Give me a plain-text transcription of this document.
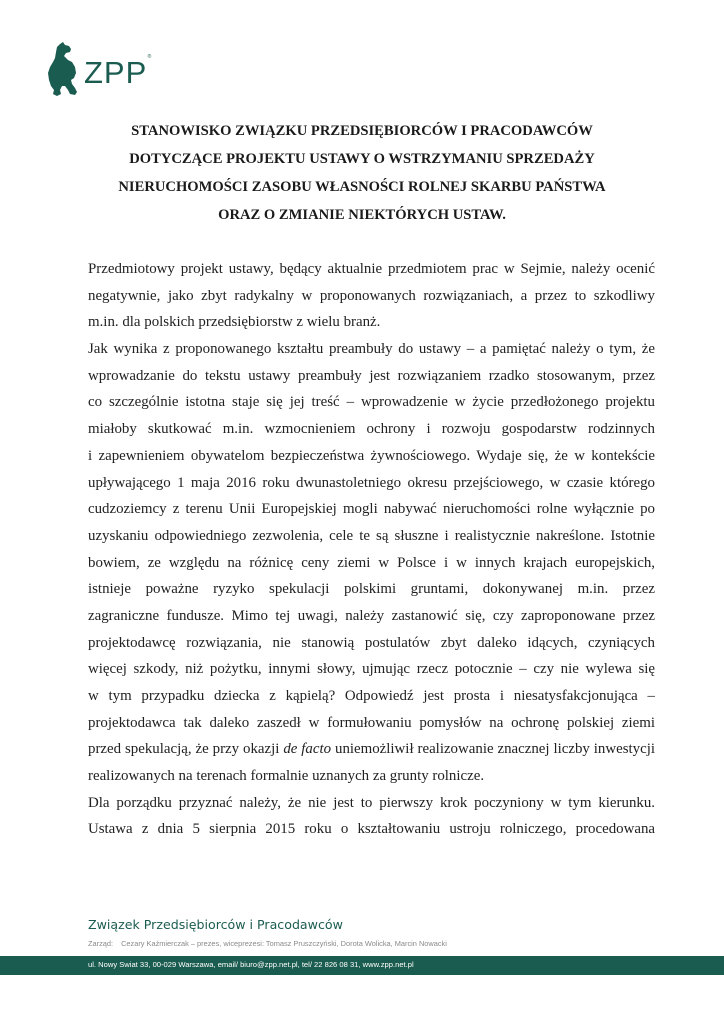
ZPP ®
STANOWISKO ZWIĄZKU PRZEDSIĘBIORCÓW I PRACODAWCÓW
DOTYCZĄCE PROJEKTU USTAWY O WSTRZYMANIU SPRZEDAŻY
NIERUCHOMOŚCI ZASOBU WŁASNOŚCI ROLNEJ SKARBU PAŃSTWA
ORAZ O ZMIANIE NIEKTÓRYCH USTAW.
Przedmiotowy projekt ustawy, będący aktualnie przedmiotem prac w Sejmie, należy ocenić
negatywnie, jako zbyt radykalny w proponowanych rozwiązaniach, a przez to szkodliwy
m.in. dla polskich przedsiębiorstw z wielu branż.
Jak wynika z proponowanego kształtu preambuły do ustawy – a pamiętać należy o tym, że
wprowadzanie do tekstu ustawy preambuły jest rozwiązaniem rzadko stosowanym, przez
co szczególnie istotna staje się jej treść – wprowadzenie w życie przedłożonego projektu
miałoby skutkować m.in. wzmocnieniem ochrony i rozwoju gospodarstw rodzinnych
i zapewnieniem obywatelom bezpieczeństwa żywnościowego. Wydaje się, że w kontekście
upływającego 1 maja 2016 roku dwunastoletniego okresu przejściowego, w czasie którego
cudzoziemcy z terenu Unii Europejskiej mogli nabywać nieruchomości rolne wyłącznie po
uzyskaniu odpowiedniego zezwolenia, cele te są słuszne i realistycznie nakreślone. Istotnie
bowiem, ze względu na różnicę ceny ziemi w Polsce i w innych krajach europejskich,
istnieje poważne ryzyko spekulacji polskimi gruntami, dokonywanej m.in. przez
zagraniczne fundusze. Mimo tej uwagi, należy zastanowić się, czy zaproponowane przez
projektodawcę rozwiązania, nie stanowią postulatów zbyt daleko idących, czyniących
więcej szkody, niż pożytku, innymi słowy, ujmując rzecz potocznie – czy nie wylewa się
w tym przypadku dziecka z kąpielą? Odpowiedź jest prosta i niesatysfakcjonująca –
projektodawca tak daleko zaszedł w formułowaniu pomysłów na ochronę polskiej ziemi
przed spekulacją, że przy okazji de facto uniemożliwił realizowanie znacznej liczby inwestycji
realizowanych na terenach formalnie uznanych za grunty rolnicze.
Dla porządku przyznać należy, że nie jest to pierwszy krok poczyniony w tym kierunku.
Ustawa z dnia 5 sierpnia 2015 roku o kształtowaniu ustroju rolniczego, procedowana
Związek Przedsiębiorców i Pracodawców
Zarząd: Cezary Kaźmierczak – prezes, wiceprezesi: Tomasz Pruszczyński, Dorota Wolicka, Marcin Nowacki
ul. Nowy Swiat 33, 00-029 Warszawa, email/ biuro@zpp.net.pl, tel/ 22 826 08 31, www.zpp.net.pl
